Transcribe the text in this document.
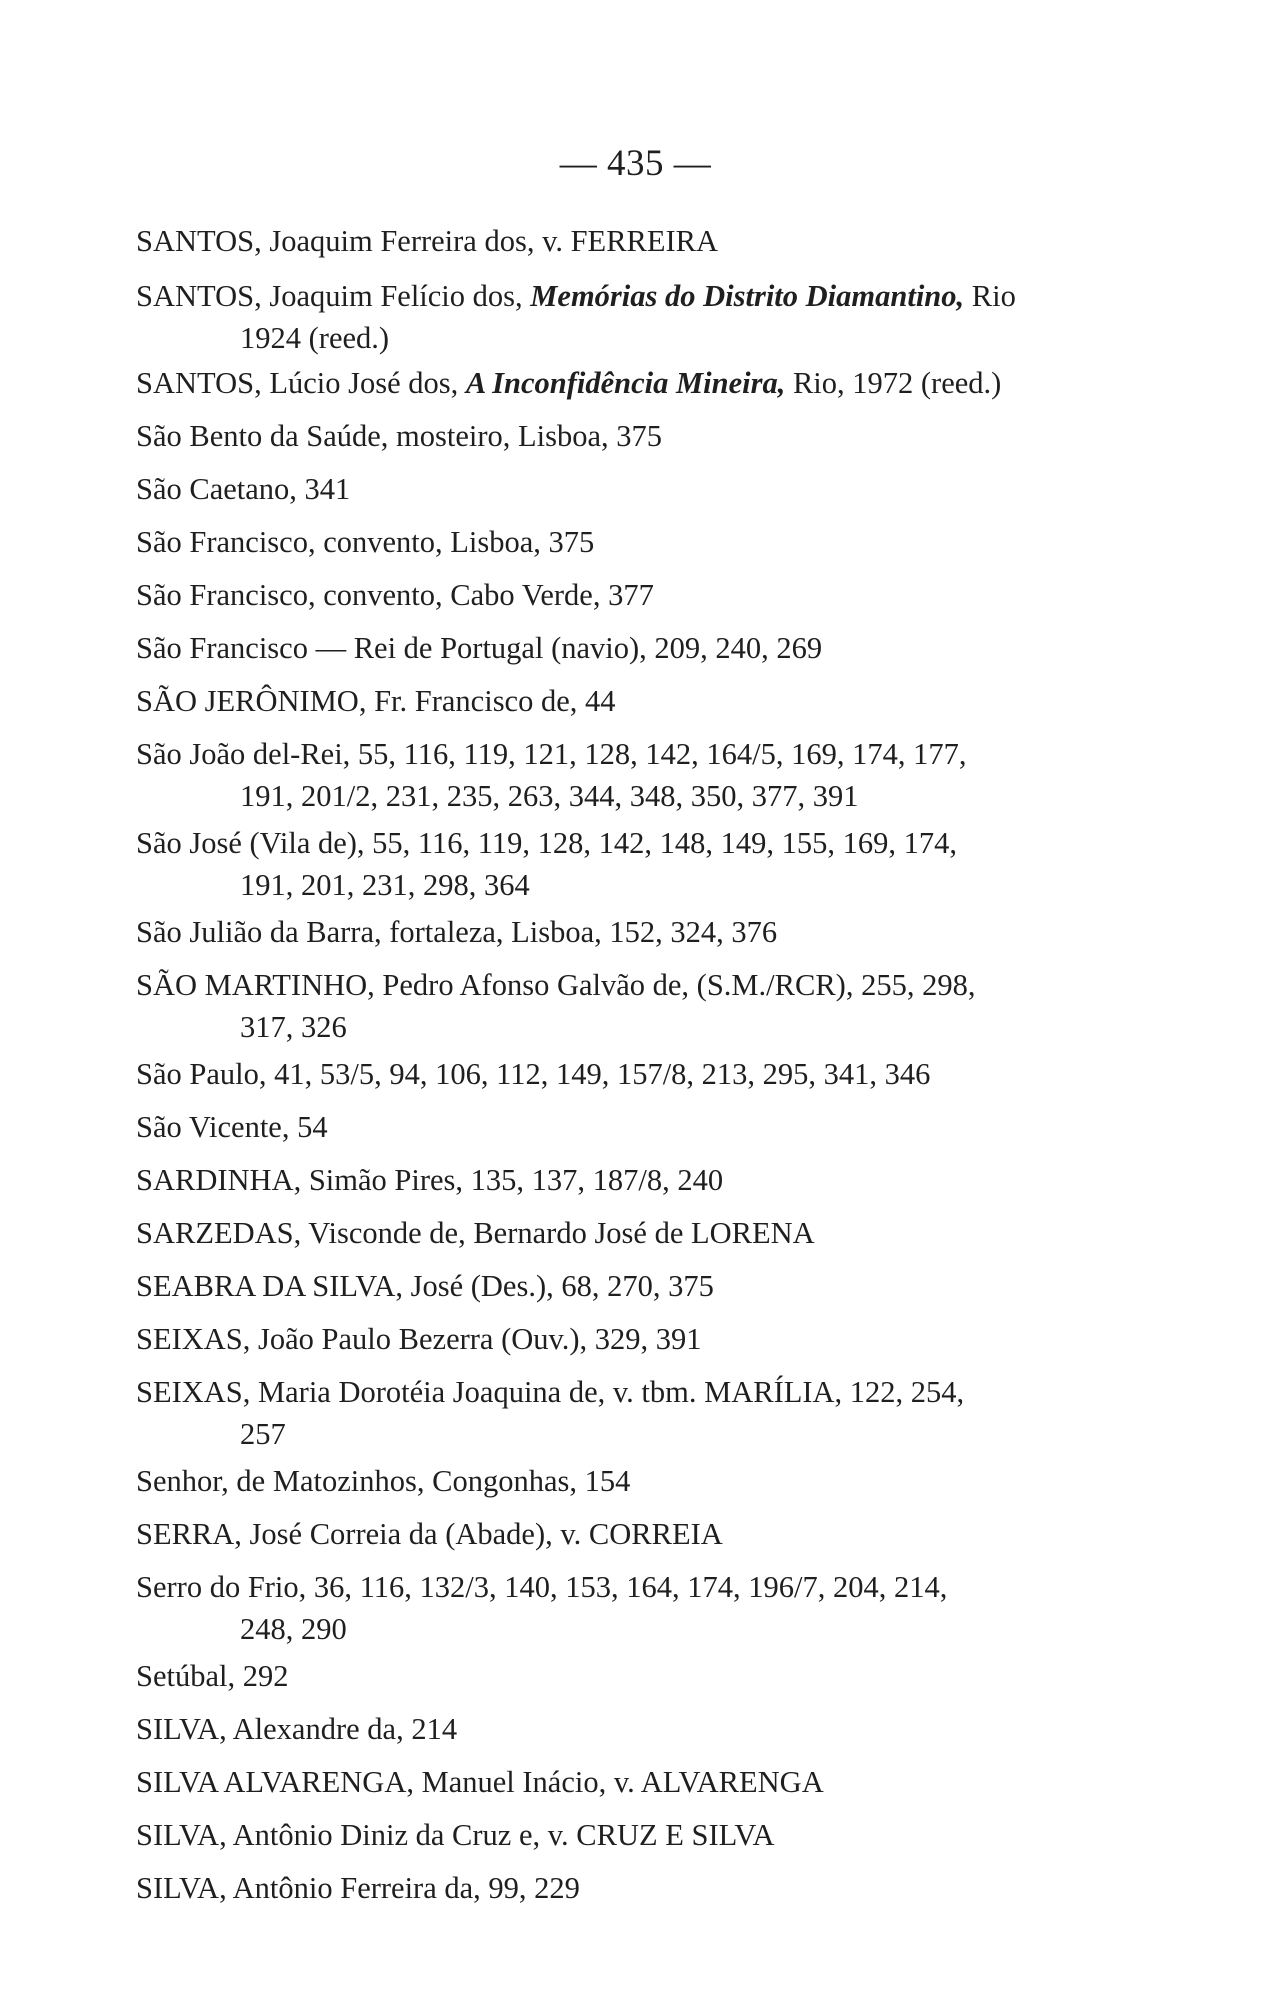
— 435 —
SANTOS, Joaquim Ferreira dos, v. FERREIRA
SANTOS, Joaquim Felício dos, Memórias do Distrito Diamantino, Rio
1924 (reed.)
SANTOS, Lúcio José dos, A Inconfidência Mineira, Rio, 1972 (reed.)
São Bento da Saúde, mosteiro, Lisboa, 375
São Caetano, 341
São Francisco, convento, Lisboa, 375
São Francisco, convento, Cabo Verde, 377
São Francisco — Rei de Portugal (navio), 209, 240, 269
SÃO JERÔNIMO, Fr. Francisco de, 44
São João del-Rei, 55, 116, 119, 121, 128, 142, 164/5, 169, 174, 177,
191, 201/2, 231, 235, 263, 344, 348, 350, 377, 391
São José (Vila de), 55, 116, 119, 128, 142, 148, 149, 155, 169, 174,
191, 201, 231, 298, 364
São Julião da Barra, fortaleza, Lisboa, 152, 324, 376
SÃO MARTINHO, Pedro Afonso Galvão de, (S.M./RCR), 255, 298,
317, 326
São Paulo, 41, 53/5, 94, 106, 112, 149, 157/8, 213, 295, 341, 346
São Vicente, 54
SARDINHA, Simão Pires, 135, 137, 187/8, 240
SARZEDAS, Visconde de, Bernardo José de LORENA
SEABRA DA SILVA, José (Des.), 68, 270, 375
SEIXAS, João Paulo Bezerra (Ouv.), 329, 391
SEIXAS, Maria Dorotéia Joaquina de, v. tbm. MARÍLIA, 122, 254,
257
Senhor, de Matozinhos, Congonhas, 154
SERRA, José Correia da (Abade), v. CORREIA
Serro do Frio, 36, 116, 132/3, 140, 153, 164, 174, 196/7, 204, 214,
248, 290
Setúbal, 292
SILVA, Alexandre da, 214
SILVA ALVARENGA, Manuel Inácio, v. ALVARENGA
SILVA, Antônio Diniz da Cruz e, v. CRUZ E SILVA
SILVA, Antônio Ferreira da, 99, 229
